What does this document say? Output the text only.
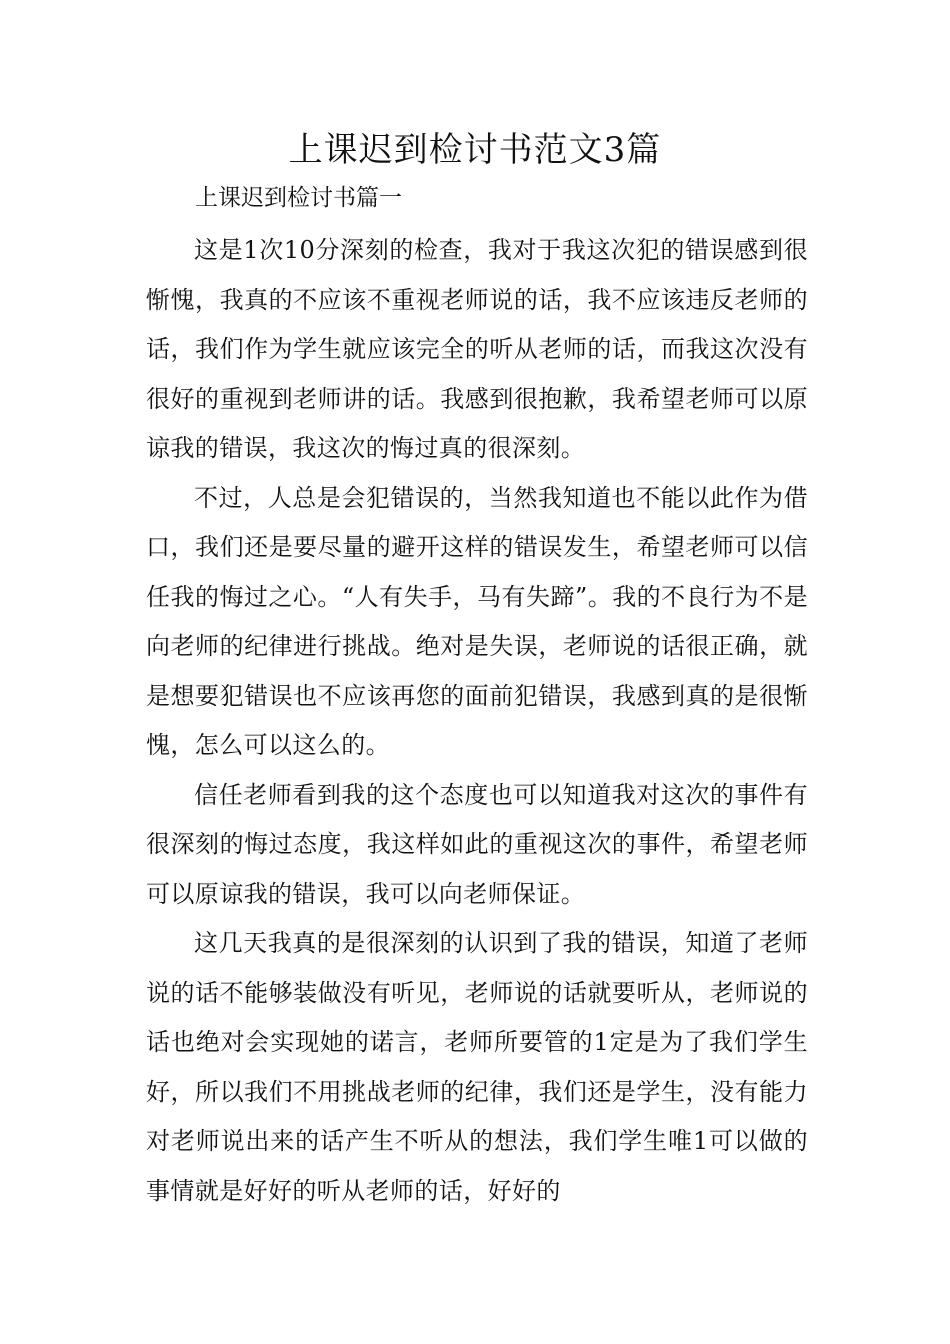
上课迟到检讨书范文3篇
上课迟到检讨书篇一

这是1次10分深刻的检查，我对于我这次犯的错误感到很惭愧，我真的不应该不重视老师说的话，我不应该违反老师的话，我们作为学生就应该完全的听从老师的话，而我这次没有很好的重视到老师讲的话。我感到很抱歉，我希望老师可以原谅我的错误，我这次的悔过真的很深刻。

不过，人总是会犯错误的，当然我知道也不能以此作为借口，我们还是要尽量的避开这样的错误发生，希望老师可以信任我的悔过之心。“人有失手，马有失蹄”。我的不良行为不是向老师的纪律进行挑战。绝对是失误，老师说的话很正确，就是想要犯错误也不应该再您的面前犯错误，我感到真的是很惭愧，怎么可以这么的。

信任老师看到我的这个态度也可以知道我对这次的事件有很深刻的悔过态度，我这样如此的重视这次的事件，希望老师可以原谅我的错误，我可以向老师保证。

这几天我真的是很深刻的认识到了我的错误，知道了老师说的话不能够装做没有听见，老师说的话就要听从，老师说的话也绝对会实现她的诺言，老师所要管的1定是为了我们学生好，所以我们不用挑战老师的纪律，我们还是学生，没有能力对老师说出来的话产生不听从的想法，我们学生唯1可以做的事情就是好好的听从老师的话，好好的
